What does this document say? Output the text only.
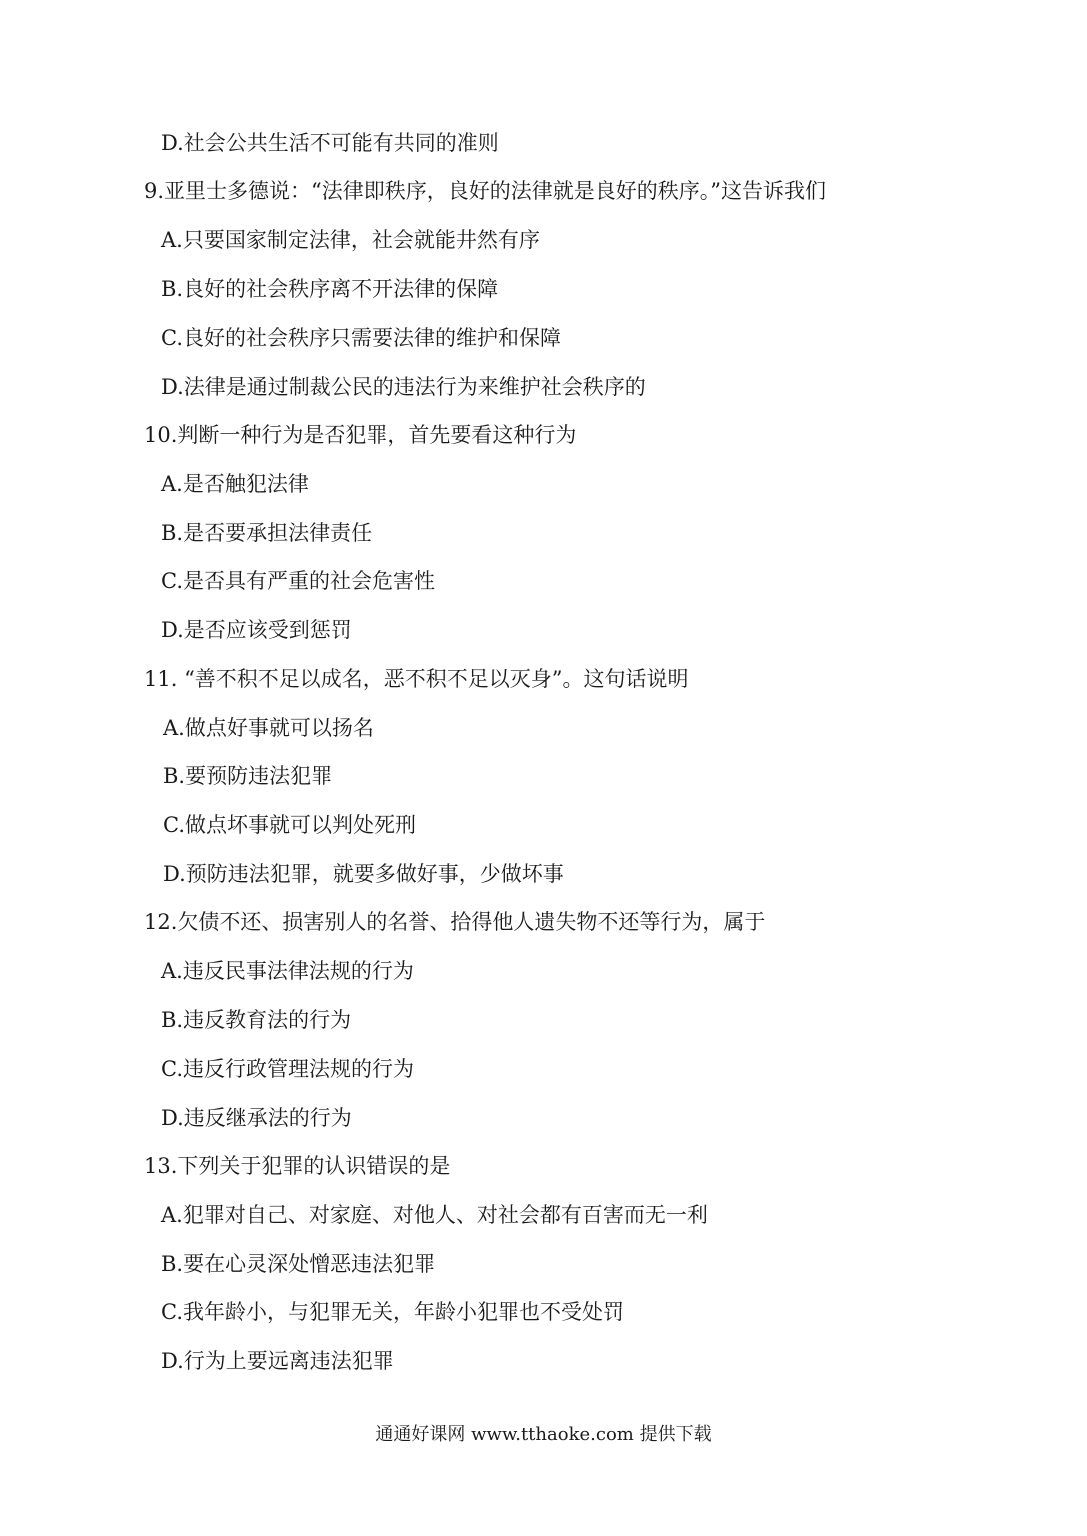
D.社会公共生活不可能有共同的准则
9.亚里士多德说：“法律即秩序，良好的法律就是良好的秩序。”这告诉我们
A.只要国家制定法律，社会就能井然有序
B.良好的社会秩序离不开法律的保障
C.良好的社会秩序只需要法律的维护和保障
D.法律是通过制裁公民的违法行为来维护社会秩序的
10.判断一种行为是否犯罪，首先要看这种行为
A.是否触犯法律
B.是否要承担法律责任
C.是否具有严重的社会危害性
D.是否应该受到惩罚
11. “善不积不足以成名，恶不积不足以灭身”。这句话说明
A.做点好事就可以扬名
B.要预防违法犯罪
C.做点坏事就可以判处死刑
D.预防违法犯罪，就要多做好事，少做坏事
12.欠债不还、损害别人的名誉、拾得他人遗失物不还等行为，属于
A.违反民事法律法规的行为
B.违反教育法的行为
C.违反行政管理法规的行为
D.违反继承法的行为
13.下列关于犯罪的认识错误的是
A.犯罪对自己、对家庭、对他人、对社会都有百害而无一利
B.要在心灵深处憎恶违法犯罪
C.我年龄小，与犯罪无关，年龄小犯罪也不受处罚
D.行为上要远离违法犯罪
通通好课网 www.tthaoke.com 提供下载
